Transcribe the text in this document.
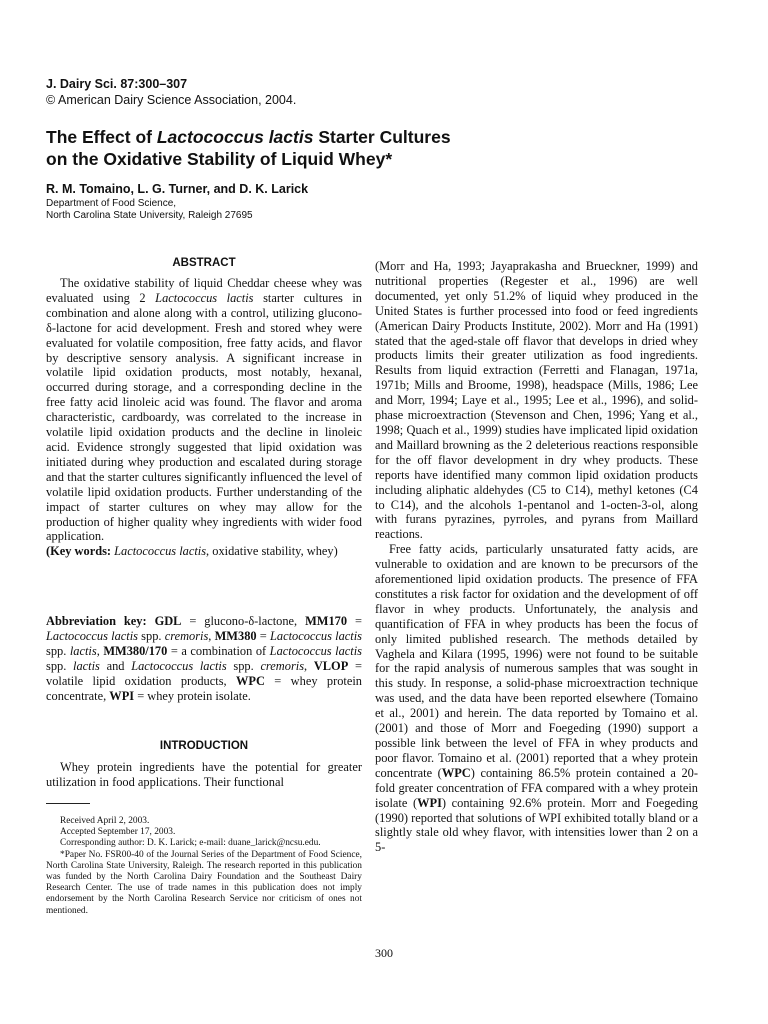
J. Dairy Sci. 87:300–307
© American Dairy Science Association, 2004.
The Effect of Lactococcus lactis Starter Cultures on the Oxidative Stability of Liquid Whey*
R. M. Tomaino, L. G. Turner, and D. K. Larick
Department of Food Science,
North Carolina State University, Raleigh 27695
ABSTRACT

The oxidative stability of liquid Cheddar cheese whey was evaluated using 2 Lactococcus lactis starter cultures in combination and alone along with a control, utilizing glucono-δ-lactone for acid development. Fresh and stored whey were evaluated for volatile composition, free fatty acids, and flavor by descriptive sensory analysis. A significant increase in volatile lipid oxidation products, most notably, hexanal, occurred during storage, and a corresponding decline in the free fatty acid linoleic acid was found. The flavor and aroma characteristic, cardboardy, was correlated to the increase in volatile lipid oxidation products and the decline in linoleic acid. Evidence strongly suggested that lipid oxidation was initiated during whey production and escalated during storage and that the starter cultures significantly influenced the level of volatile lipid oxidation products. Further understanding of the impact of starter cultures on whey may allow for the production of higher quality whey ingredients with wider food application.

(Key words: Lactococcus lactis, oxidative stability, whey)

Abbreviation key: GDL = glucono-δ-lactone, MM170 = Lactococcus lactis spp. cremoris, MM380 = Lactococcus lactis spp. lactis, MM380/170 = a combination of Lactococcus lactis spp. lactis and Lactococcus lactis spp. cremoris, VLOP = volatile lipid oxidation products, WPC = whey protein concentrate, WPI = whey protein isolate.
INTRODUCTION

Whey protein ingredients have the potential for greater utilization in food applications. Their functional

Received April 2, 2003.

Accepted September 17, 2003.

Corresponding author: D. K. Larick; e-mail: duane_larick@ncsu.edu.

*Paper No. FSR00-40 of the Journal Series of the Department of Food Science, North Carolina State University, Raleigh. The research reported in this publication was funded by the North Carolina Dairy Foundation and the Southeast Dairy Research Center. The use of trade names in this publication does not imply endorsement by the North Carolina Research Service nor criticism of ones not mentioned.

(Morr and Ha, 1993; Jayaprakasha and Brueckner, 1999) and nutritional properties (Regester et al., 1996) are well documented, yet only 51.2% of liquid whey produced in the United States is further processed into food or feed ingredients (American Dairy Products Institute, 2002). Morr and Ha (1991) stated that the aged-stale off flavor that develops in dried whey products limits their greater utilization as food ingredients. Results from liquid extraction (Ferretti and Flanagan, 1971a, 1971b; Mills and Broome, 1998), headspace (Mills, 1986; Lee and Morr, 1994; Laye et al., 1995; Lee et al., 1996), and solid-phase microextraction (Stevenson and Chen, 1996; Yang et al., 1998; Quach et al., 1999) studies have implicated lipid oxidation and Maillard browning as the 2 deleterious reactions responsible for the off flavor development in dry whey products. These reports have identified many common lipid oxidation products including aliphatic aldehydes (C5 to C14), methyl ketones (C4 to C14), and the alcohols 1-pentanol and 1-octen-3-ol, along with furans pyrazines, pyrroles, and pyrans from Maillard reactions.

Free fatty acids, particularly unsaturated fatty acids, are vulnerable to oxidation and are known to be precursors of the aforementioned lipid oxidation products. The presence of FFA constitutes a risk factor for oxidation and the development of off flavor in whey products. Unfortunately, the analysis and quantification of FFA in whey products has been the focus of only limited published research. The methods detailed by Vaghela and Kilara (1995, 1996) were not found to be suitable for the rapid analysis of numerous samples that was sought in this study. In response, a solid-phase microextraction technique was used, and the data have been reported elsewhere (Tomaino et al., 2001) and herein. The data reported by Tomaino et al. (2001) and those of Morr and Foegeding (1990) support a possible link between the level of FFA in whey products and poor flavor. Tomaino et al. (2001) reported that a whey protein concentrate (WPC) containing 86.5% protein contained a 20-fold greater concentration of FFA compared with a whey protein isolate (WPI) containing 92.6% protein. Morr and Foegeding (1990) reported that solutions of WPI exhibited totally bland or a slightly stale old whey flavor, with intensities lower than 2 on a 5-

300
